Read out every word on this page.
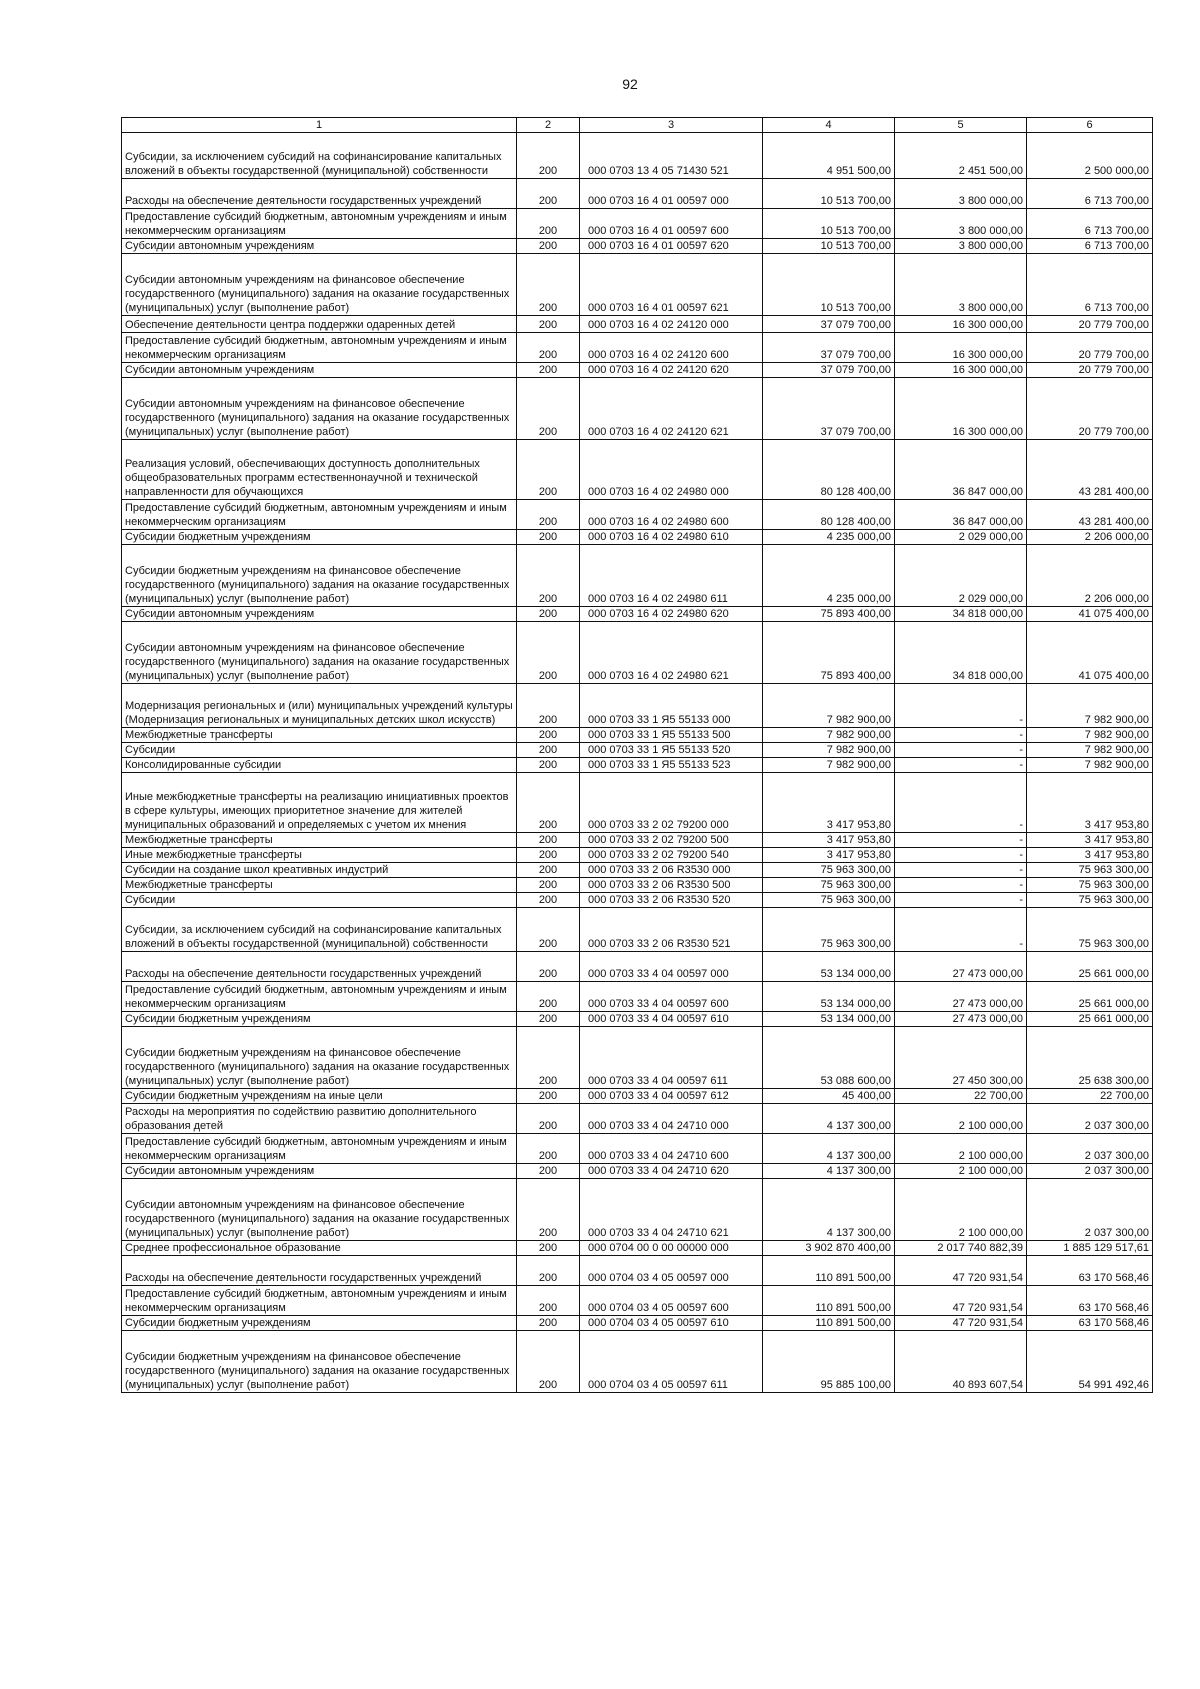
92
1	2	3	4	5	6
Субсидии, за исключением субсидий на софинансирование капитальных вложений в объекты государственной (муниципальной) собственности	200	000 0703 13 4 05 71430 521	4 951 500,00	2 451 500,00	2 500 000,00
Расходы на обеспечение деятельности государственных учреждений	200	000 0703 16 4 01 00597 000	10 513 700,00	3 800 000,00	6 713 700,00
Предоставление субсидий бюджетным, автономным учреждениям и иным некоммерческим организациям	200	000 0703 16 4 01 00597 600	10 513 700,00	3 800 000,00	6 713 700,00
Субсидии автономным учреждениям	200	000 0703 16 4 01 00597 620	10 513 700,00	3 800 000,00	6 713 700,00
Субсидии автономным учреждениям на финансовое обеспечение государственного (муниципального) задания на оказание государственных (муниципальных) услуг (выполнение работ)	200	000 0703 16 4 01 00597 621	10 513 700,00	3 800 000,00	6 713 700,00
Обеспечение деятельности центра поддержки одаренных детей	200	000 0703 16 4 02 24120 000	37 079 700,00	16 300 000,00	20 779 700,00
Предоставление субсидий бюджетным, автономным учреждениям и иным некоммерческим организациям	200	000 0703 16 4 02 24120 600	37 079 700,00	16 300 000,00	20 779 700,00
Субсидии автономным учреждениям	200	000 0703 16 4 02 24120 620	37 079 700,00	16 300 000,00	20 779 700,00
Субсидии автономным учреждениям на финансовое обеспечение государственного (муниципального) задания на оказание государственных (муниципальных) услуг (выполнение работ)	200	000 0703 16 4 02 24120 621	37 079 700,00	16 300 000,00	20 779 700,00
Реализация условий, обеспечивающих доступность дополнительных общеобразовательных программ естественнонаучной и технической направленности для обучающихся	200	000 0703 16 4 02 24980 000	80 128 400,00	36 847 000,00	43 281 400,00
Предоставление субсидий бюджетным, автономным учреждениям и иным некоммерческим организациям	200	000 0703 16 4 02 24980 600	80 128 400,00	36 847 000,00	43 281 400,00
Субсидии бюджетным учреждениям	200	000 0703 16 4 02 24980 610	4 235 000,00	2 029 000,00	2 206 000,00
Субсидии бюджетным учреждениям на финансовое обеспечение государственного (муниципального) задания на оказание государственных (муниципальных) услуг (выполнение работ)	200	000 0703 16 4 02 24980 611	4 235 000,00	2 029 000,00	2 206 000,00
Субсидии автономным учреждениям	200	000 0703 16 4 02 24980 620	75 893 400,00	34 818 000,00	41 075 400,00
Субсидии автономным учреждениям на финансовое обеспечение государственного (муниципального) задания на оказание государственных (муниципальных) услуг (выполнение работ)	200	000 0703 16 4 02 24980 621	75 893 400,00	34 818 000,00	41 075 400,00
Модернизация региональных и (или) муниципальных учреждений культуры (Модернизация региональных и муниципальных детских школ искусств)	200	000 0703 33 1 Я5 55133 000	7 982 900,00	-	7 982 900,00
Межбюджетные трансферты	200	000 0703 33 1 Я5 55133 500	7 982 900,00	-	7 982 900,00
Субсидии	200	000 0703 33 1 Я5 55133 520	7 982 900,00	-	7 982 900,00
Консолидированные субсидии	200	000 0703 33 1 Я5 55133 523	7 982 900,00	-	7 982 900,00
Иные межбюджетные трансферты на реализацию инициативных проектов в сфере культуры, имеющих приоритетное значение для жителей муниципальных образований и определяемых с учетом их мнения	200	000 0703 33 2 02 79200 000	3 417 953,80	-	3 417 953,80
Межбюджетные трансферты	200	000 0703 33 2 02 79200 500	3 417 953,80	-	3 417 953,80
Иные межбюджетные трансферты	200	000 0703 33 2 02 79200 540	3 417 953,80	-	3 417 953,80
Субсидии на создание школ креативных индустрий	200	000 0703 33 2 06 R3530 000	75 963 300,00	-	75 963 300,00
Межбюджетные трансферты	200	000 0703 33 2 06 R3530 500	75 963 300,00	-	75 963 300,00
Субсидии	200	000 0703 33 2 06 R3530 520	75 963 300,00	-	75 963 300,00
Субсидии, за исключением субсидий на софинансирование капитальных вложений в объекты государственной (муниципальной) собственности	200	000 0703 33 2 06 R3530 521	75 963 300,00	-	75 963 300,00
Расходы на обеспечение деятельности государственных учреждений	200	000 0703 33 4 04 00597 000	53 134 000,00	27 473 000,00	25 661 000,00
Предоставление субсидий бюджетным, автономным учреждениям и иным некоммерческим организациям	200	000 0703 33 4 04 00597 600	53 134 000,00	27 473 000,00	25 661 000,00
Субсидии бюджетным учреждениям	200	000 0703 33 4 04 00597 610	53 134 000,00	27 473 000,00	25 661 000,00
Субсидии бюджетным учреждениям на финансовое обеспечение государственного (муниципального) задания на оказание государственных (муниципальных) услуг (выполнение работ)	200	000 0703 33 4 04 00597 611	53 088 600,00	27 450 300,00	25 638 300,00
Субсидии бюджетным учреждениям на иные цели	200	000 0703 33 4 04 00597 612	45 400,00	22 700,00	22 700,00
Расходы на мероприятия по содействию развитию дополнительного образования детей	200	000 0703 33 4 04 24710 000	4 137 300,00	2 100 000,00	2 037 300,00
Предоставление субсидий бюджетным, автономным учреждениям и иным некоммерческим организациям	200	000 0703 33 4 04 24710 600	4 137 300,00	2 100 000,00	2 037 300,00
Субсидии автономным учреждениям	200	000 0703 33 4 04 24710 620	4 137 300,00	2 100 000,00	2 037 300,00
Субсидии автономным учреждениям на финансовое обеспечение государственного (муниципального) задания на оказание государственных (муниципальных) услуг (выполнение работ)	200	000 0703 33 4 04 24710 621	4 137 300,00	2 100 000,00	2 037 300,00
Среднее профессиональное образование	200	000 0704 00 0 00 00000 000	3 902 870 400,00	2 017 740 882,39	1 885 129 517,61
Расходы на обеспечение деятельности государственных учреждений	200	000 0704 03 4 05 00597 000	110 891 500,00	47 720 931,54	63 170 568,46
Предоставление субсидий бюджетным, автономным учреждениям и иным некоммерческим организациям	200	000 0704 03 4 05 00597 600	110 891 500,00	47 720 931,54	63 170 568,46
Субсидии бюджетным учреждениям	200	000 0704 03 4 05 00597 610	110 891 500,00	47 720 931,54	63 170 568,46
Субсидии бюджетным учреждениям на финансовое обеспечение государственного (муниципального) задания на оказание государственных (муниципальных) услуг (выполнение работ)	200	000 0704 03 4 05 00597 611	95 885 100,00	40 893 607,54	54 991 492,46
